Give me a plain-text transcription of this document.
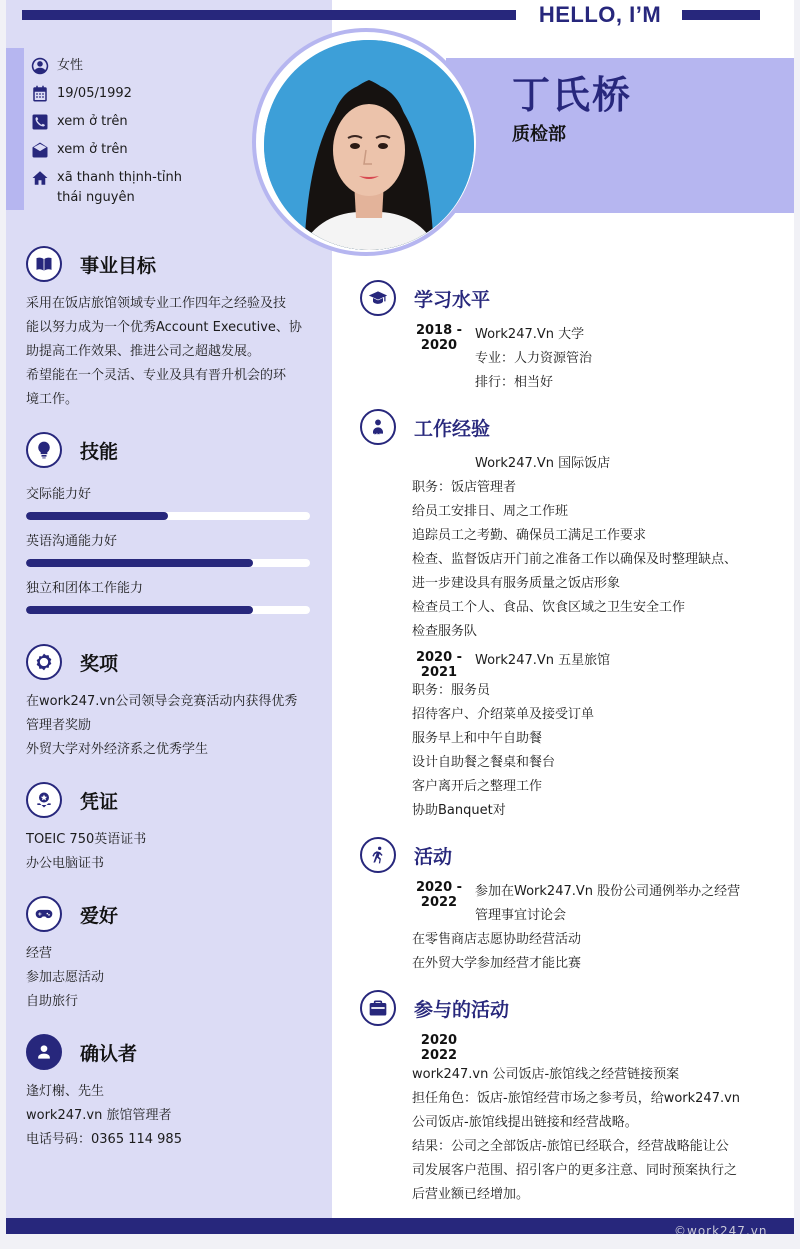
HELLO, I’M
丁氏桥
质检部
女性
19/05/1992
xem ở trên
xem ở trên
xã thanh thịnh-tỉnh thái nguyên
事业目标
采用在饭店旅馆领域专业工作四年之经验及技
能以努力成为一个优秀Account Executive、协
助提高工作效果、推进公司之超越发展。
希望能在一个灵活、专业及具有晋升机会的环
境工作。
技能
交际能力好
英语沟通能力好
独立和团体工作能力
奖项
在work247.vn公司领导会竞赛活动内获得优秀
管理者奖励
外贸大学对外经济系之优秀学生
凭证
TOEIC 750英语证书
办公电脑证书
爱好
经营
参加志愿活动
自助旅行
确认者
逢灯榭、先生
work247.vn 旅馆管理者
电话号码：0365 114 985
学习水平
2018 -
2020
Work247.Vn 大学
专业：人力资源管治
排行：相当好
工作经验
Work247.Vn 国际饭店
职务：饭店管理者
给员工安排日、周之工作班
追踪员工之考勤、确保员工满足工作要求
检查、监督饭店开门前之准备工作以确保及时整理缺点、
进一步建设具有服务质量之饭店形象
检查员工个人、食品、饮食区域之卫生安全工作
检查服务队
2020 -
2021
Work247.Vn 五星旅馆
职务：服务员
招待客户、介绍菜单及接受订单
服务早上和中午自助餐
设计自助餐之餐桌和餐台
客户离开后之整理工作
协助Banquet对
活动
2020 -
2022
参加在Work247.Vn 股份公司通例举办之经营
管理事宜讨论会
在零售商店志愿协助经营活动
在外贸大学参加经营才能比赛
参与的活动
2020
2022
work247.vn 公司饭店-旅馆线之经营链接预案
担任角色：饭店-旅馆经营市场之参考员，给work247.vn
公司饭店-旅馆线提出链接和经营战略。
结果：公司之全部饭店-旅馆已经联合，经营战略能让公
司发展客户范围、招引客户的更多注意、同时预案执行之
后营业额已经增加。
©work247.vn
